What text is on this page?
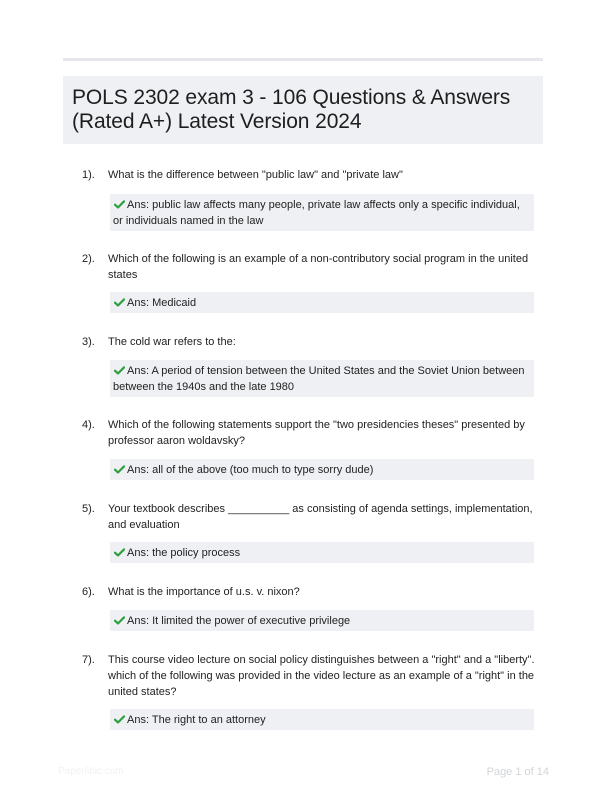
POLS 2302 exam 3 - 106 Questions & Answers (Rated A+) Latest Version 2024
1). What is the difference between "public law" and "private law"
Ans: public law affects many people, private law affects only a specific individual, or individuals named in the law
2). Which of the following is an example of a non-contributory social program in the united states
Ans: Medicaid
3). The cold war refers to the:
Ans: A period of tension between the United States and the Soviet Union between between the 1940s and the late 1980
4). Which of the following statements support the "two presidencies theses" presented by professor aaron woldavsky?
Ans: all of the above (too much to type sorry dude)
5). Your textbook describes __________ as consisting of agenda settings, implementation, and evaluation
Ans: the policy process
6). What is the importance of u.s. v. nixon?
Ans: It limited the power of executive privilege
7). This course video lecture on social policy distinguishes between a "right" and a "liberty". which of the following was provided in the video lecture as an example of a "right" in the united states?
Ans: The right to an attorney
Paperlibic.com	Page 1 of 14
